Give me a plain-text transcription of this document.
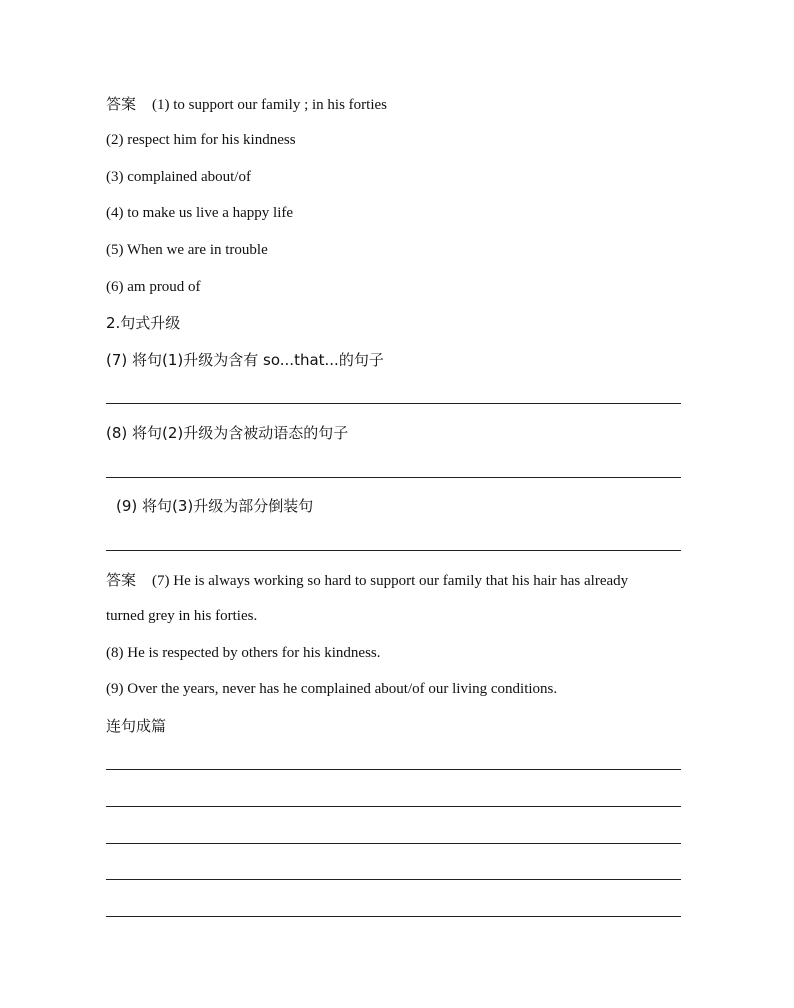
答案 (1) to support our family ; in his forties
(2) respect him for his kindness
(3) complained about/of
(4) to make us live a happy life
(5) When we are in trouble
(6) am proud of
2.句式升级
(7) 将句(1)升级为含有 so...that...的句子
(8) 将句(2)升级为含被动语态的句子
(9) 将句(3)升级为部分倒装句
答案 (7) He is always working so hard to support our family that his hair has already
turned grey in his forties.
(8) He is respected by others for his kindness.
(9) Over the years, never has he complained about/of our living conditions.
连句成篇
